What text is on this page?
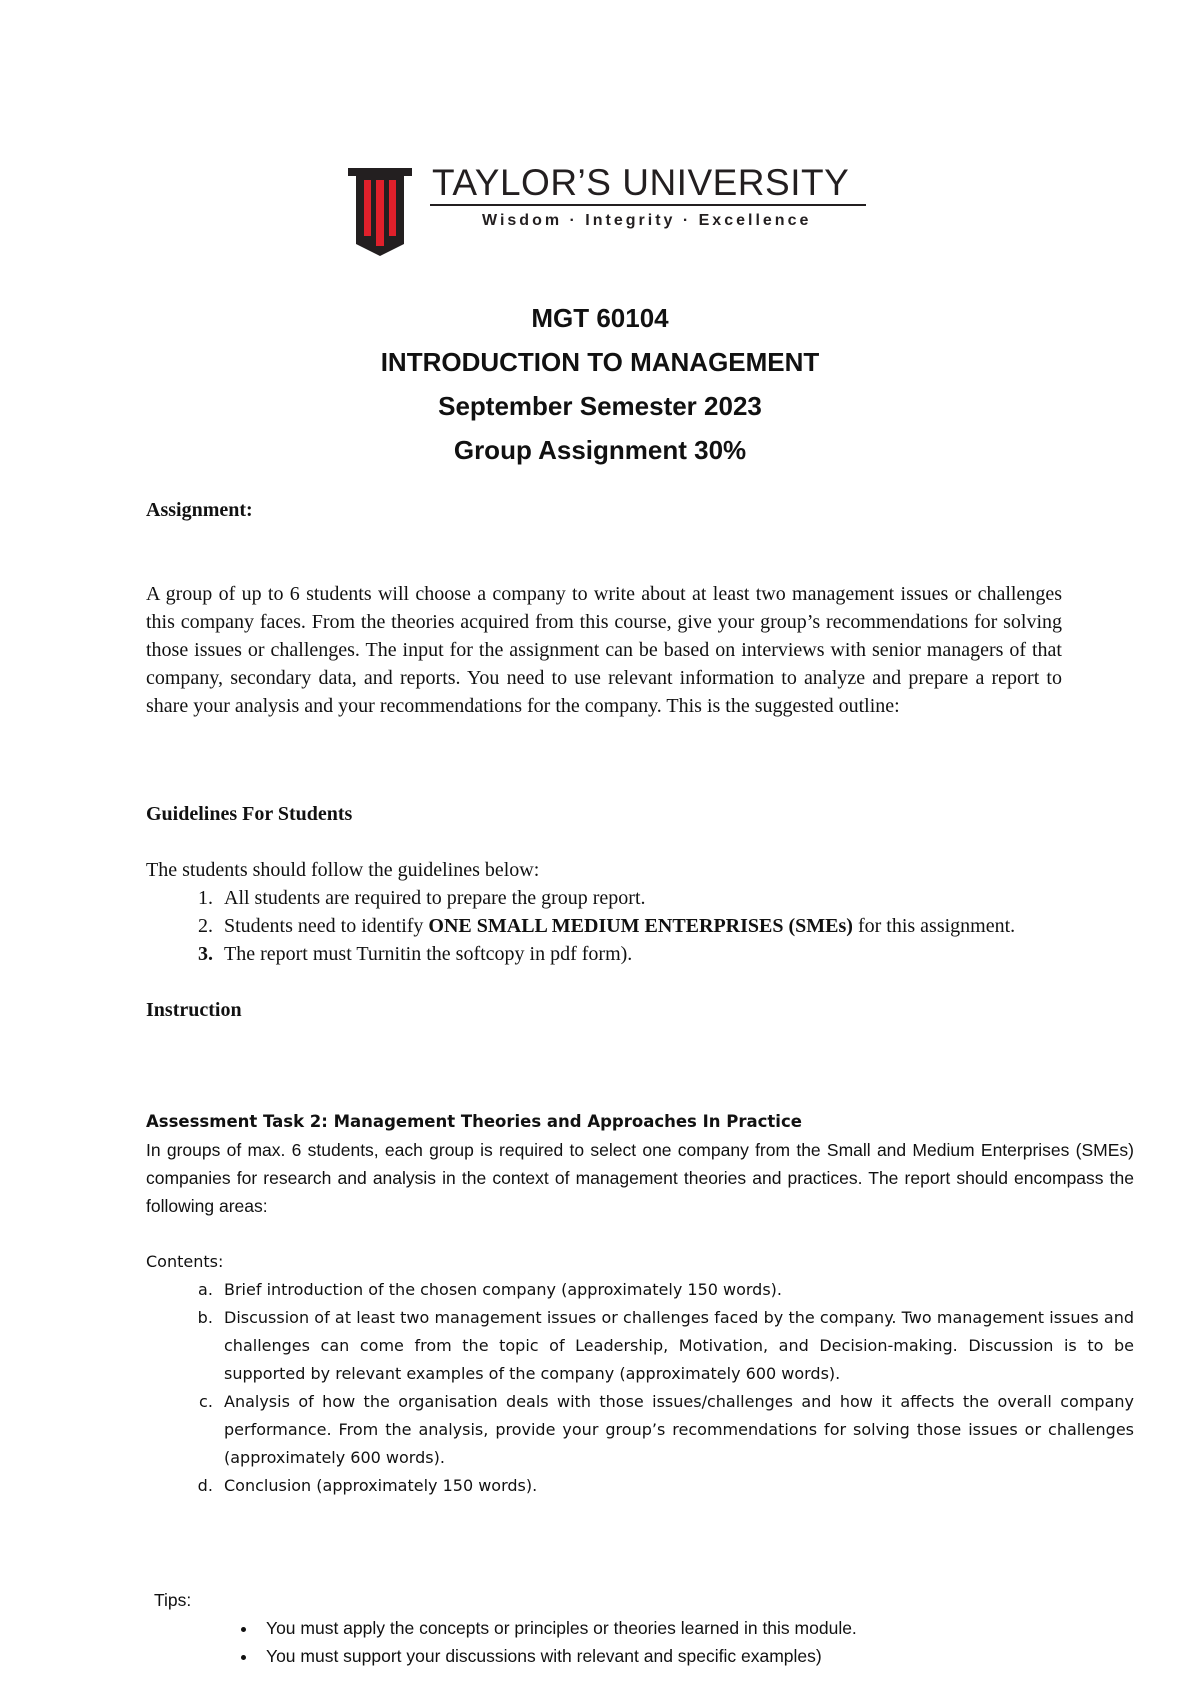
TAYLOR’S UNIVERSITY
Wisdom · Integrity · Excellence
MGT 60104
INTRODUCTION TO MANAGEMENT
September Semester 2023
Group Assignment 30%
Assignment:
A group of up to 6 students will choose a company to write about at least two management issues or challenges this company faces. From the theories acquired from this course, give your group’s recommendations for solving those issues or challenges. The input for the assignment can be based on interviews with senior managers of that company, secondary data, and reports. You need to use relevant information to analyze and prepare a report to share your analysis and your recommendations for the company. This is the suggested outline:
Guidelines For Students
The students should follow the guidelines below:
1. All students are required to prepare the group report.
2. Students need to identify ONE SMALL MEDIUM ENTERPRISES (SMEs) for this assignment.
3. The report must Turnitin the softcopy in pdf form).
Instruction
Assessment Task 2: Management Theories and Approaches In Practice
In groups of max. 6 students, each group is required to select one company from the Small and Medium Enterprises (SMEs) companies for research and analysis in the context of management theories and practices. The report should encompass the following areas:
Contents:
a. Brief introduction of the chosen company (approximately 150 words).
b. Discussion of at least two management issues or challenges faced by the company. Two management issues and challenges can come from the topic of Leadership, Motivation, and Decision-making. Discussion is to be supported by relevant examples of the company (approximately 600 words).
c. Analysis of how the organisation deals with those issues/challenges and how it affects the overall company performance. From the analysis, provide your group’s recommendations for solving those issues or challenges (approximately 600 words).
d. Conclusion (approximately 150 words).
Tips:
• You must apply the concepts or principles or theories learned in this module.
• You must support your discussions with relevant and specific examples)
